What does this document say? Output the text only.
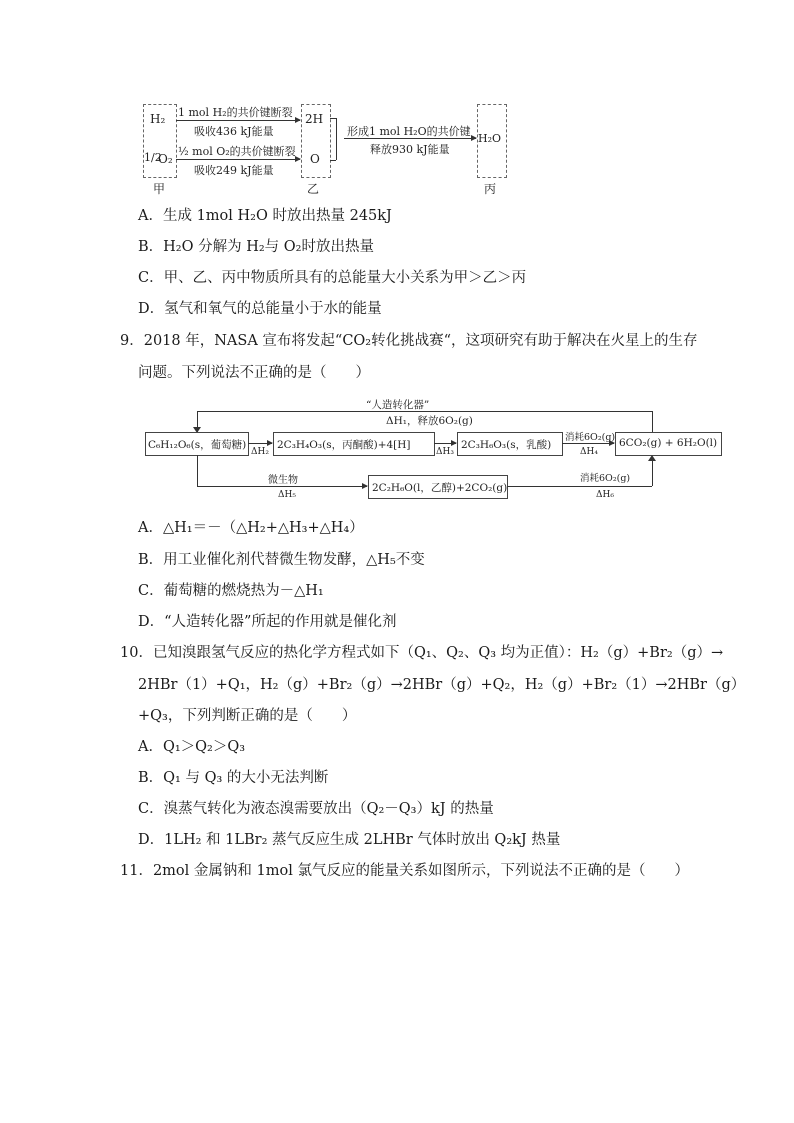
H₂
1/2
O₂
甲
1 mol H₂的共价键断裂
吸收436 kJ能量
½ mol O₂的共价键断裂
吸收249 kJ能量
2H
O
乙
形成1 mol H₂O的共价键
释放930 kJ能量
H₂O
丙
A．生成 1mol H₂O 时放出热量 245kJ
B．H₂O 分解为 H₂与 O₂时放出热量
C．甲、乙、丙中物质所具有的总能量大小关系为甲＞乙＞丙
D．氢气和氧气的总能量小于水的能量
9．2018 年，NASA 宣布将发起“CO₂转化挑战赛“，这项研究有助于解决在火星上的生存
问题。下列说法不正确的是（　　）
“人造转化器”
ΔH₁，释放6O₂(g)
C₆H₁₂O₆(s，葡萄糖)
ΔH₂
2C₃H₄O₃(s，丙酮酸)+4[H]
ΔH₃
2C₃H₆O₃(s，乳酸)
消耗6O₂(g)
ΔH₄
6CO₂(g) + 6H₂O(l)
微生物
ΔH₅
2C₂H₆O(l，乙醇)+2CO₂(g)
消耗6O₂(g)
ΔH₆
A．△H₁＝－（△H₂+△H₃+△H₄）
B．用工业催化剂代替微生物发酵，△H₅不变
C．葡萄糖的燃烧热为－△H₁
D．“人造转化器”所起的作用就是催化剂
10．已知溴跟氢气反应的热化学方程式如下（Q₁、Q₂、Q₃ 均为正值）：H₂（g）+Br₂（g）→
2HBr（1）+Q₁，H₂（g）+Br₂（g）→2HBr（g）+Q₂，H₂（g）+Br₂（1）→2HBr（g）
+Q₃，下列判断正确的是（　　）
A．Q₁＞Q₂＞Q₃
B．Q₁ 与 Q₃ 的大小无法判断
C．溴蒸气转化为液态溴需要放出（Q₂－Q₃）kJ 的热量
D．1LH₂ 和 1LBr₂ 蒸气反应生成 2LHBr 气体时放出 Q₂kJ 热量
11．2mol 金属钠和 1mol 氯气反应的能量关系如图所示，下列说法不正确的是（　　）
